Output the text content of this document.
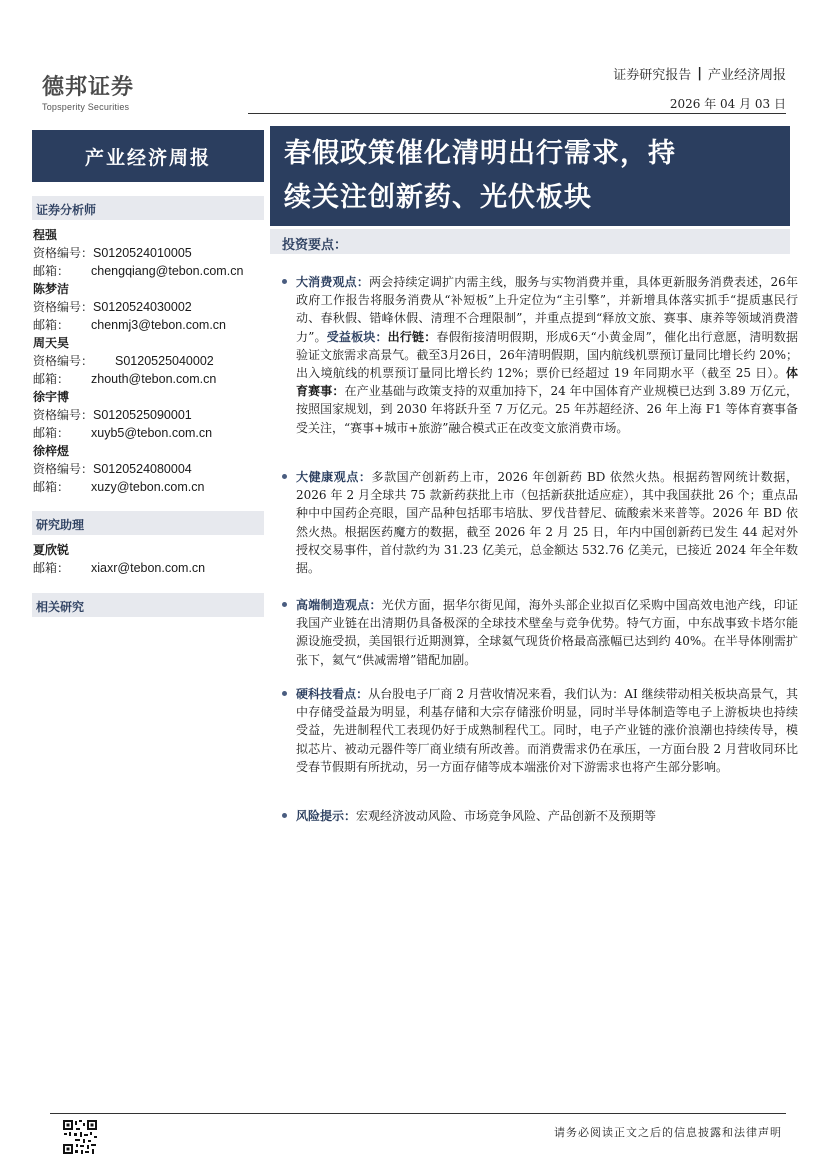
德邦证券
Topsperity Securities
证券研究报告 | 产业经济周报
2026 年 04 月 03 日
产业经济周报	春假政策催化清明出行需求，持
续关注创新药、光伏板块
证券分析师
程强
资格编号：S0120524010005
邮箱： chengqiang@tebon.com.cn
陈梦洁
资格编号：S0120524030002
邮箱： chenmj3@tebon.com.cn
周天昊
资格编号： S0120525040002
邮箱： zhouth@tebon.com.cn
徐宇博
资格编号：S0120525090001
邮箱： xuyb5@tebon.com.cn
徐梓煜
资格编号：S0120524080004
邮箱： xuzy@tebon.com.cn
研究助理
夏欣锐
邮箱： xiaxr@tebon.com.cn
相关研究
投资要点：
大消费观点：两会持续定调扩内需主线，服务与实物消费并重，具体更新服务消费表述，26年政府工作报告将服务消费从“补短板”上升定位为“主引擎”，并新增具体落实抓手“提质惠民行动、春秋假、错峰休假、清理不合理限制”，并重点提到“释放文旅、赛事、康养等领域消费潜力”。受益板块：出行链：春假衔接清明假期，形成6天“小黄金周”，催化出行意愿，清明数据验证文旅需求高景气。截至3月26日，26年清明假期，国内航线机票预订量同比增长约 20%；出入境航线的机票预订量同比增长约 12%；票价已经超过 19 年同期水平（截至 25 日）。体育赛事：在产业基础与政策支持的双重加持下，24 年中国体育产业规模已达到 3.89 万亿元，按照国家规划，到 2030 年将跃升至 7 万亿元。25 年苏超经济、26 年上海 F1 等体育赛事备受关注，“赛事+城市+旅游”融合模式正在改变文旅消费市场。
大健康观点：多款国产创新药上市，2026 年创新药 BD 依然火热。根据药智网统计数据，2026 年 2 月全球共 75 款新药获批上市（包括新获批适应症），其中我国获批 26 个；重点品种中中国药企亮眼，国产品种包括耶韦培肽、罗伐昔替尼、硫酸索米来普等。2026 年 BD 依然火热。根据医药魔方的数据，截至 2026 年 2 月 25 日，年内中国创新药已发生 44 起对外授权交易事件，首付款约为 31.23 亿美元，总金额达 532.76 亿美元，已接近 2024 年全年数据。
高端制造观点：光伏方面，据华尔街见闻，海外头部企业拟百亿采购中国高效电池产线，印证我国产业链在出清期仍具备极深的全球技术壁垒与竞争优势。特气方面，中东战事致卡塔尔能源设施受损，美国银行近期测算，全球氦气现货价格最高涨幅已达到约 40%。在半导体刚需扩张下，氦气“供减需增”错配加剧。
硬科技看点：从台股电子厂商 2 月营收情况来看，我们认为：AI 继续带动相关板块高景气，其中存储受益最为明显，利基存储和大宗存储涨价明显，同时半导体制造等电子上游板块也持续受益，先进制程代工表现仍好于成熟制程代工。同时，电子产业链的涨价浪潮也持续传导，模拟芯片、被动元器件等厂商业绩有所改善。而消费需求仍在承压，一方面台股 2 月营收同环比受春节假期有所扰动，另一方面存储等成本端涨价对下游需求也将产生部分影响。
风险提示：宏观经济波动风险、市场竞争风险、产品创新不及预期等
请务必阅读正文之后的信息披露和法律声明
